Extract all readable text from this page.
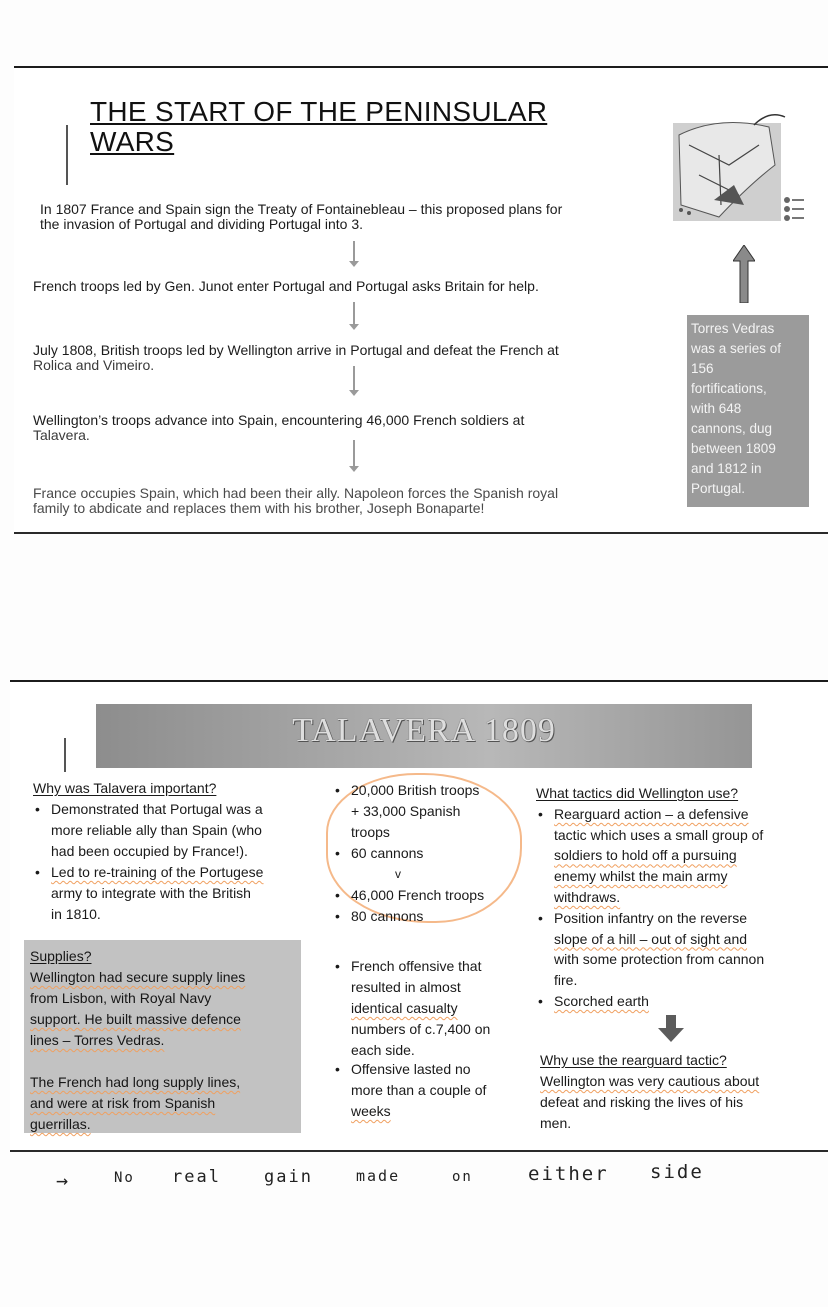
THE START OF THE PENINSULAR
WARS
In 1807 France and Spain sign the Treaty of Fontainebleau – this proposed plans for
the invasion of Portugal and dividing Portugal into 3.
French troops led by Gen. Junot enter Portugal and Portugal asks Britain for help.
July 1808, British troops led by Wellington arrive in Portugal and defeat the French at
Rolica and Vimeiro.
Wellington’s troops advance into Spain, encountering 46,000 French soldiers at
Talavera.
France occupies Spain, which had been their ally. Napoleon forces the Spanish royal
family to abdicate and replaces them with his brother, Joseph Bonaparte!
Torres Vedras
was a series of
156
fortifications,
with 648
cannons, dug
between 1809
and 1812 in
Portugal.
TALAVERA 1809
Why was Talavera important?
• Demonstrated that Portugal was a
more reliable ally than Spain (who
had been occupied by France!).
• Led to re-training of the Portugese
army to integrate with the British
in 1810.
Supplies?
Wellington had secure supply lines
from Lisbon, with Royal Navy
support. He built massive defence
lines – Torres Vedras.
The French had long supply lines,
and were at risk from Spanish
guerrillas.
• 20,000 British troops
+ 33,000 Spanish
troops
• 60 cannons
v
• 46,000 French troops
• 80 cannons
• French offensive that
resulted in almost
identical casualty
numbers of c.7,400 on
each side.
• Offensive lasted no
more than a couple of
weeks
What tactics did Wellington use?
• Rearguard action – a defensive
tactic which uses a small group of
soldiers to hold off a pursuing
enemy whilst the main army
withdraws.
• Position infantry on the reverse
slope of a hill – out of sight and
with some protection from cannon
fire.
• Scorched earth
Why use the rearguard tactic?
Wellington was very cautious about
defeat and risking the lives of his
men.
→	No real	gain	made	on	either side
